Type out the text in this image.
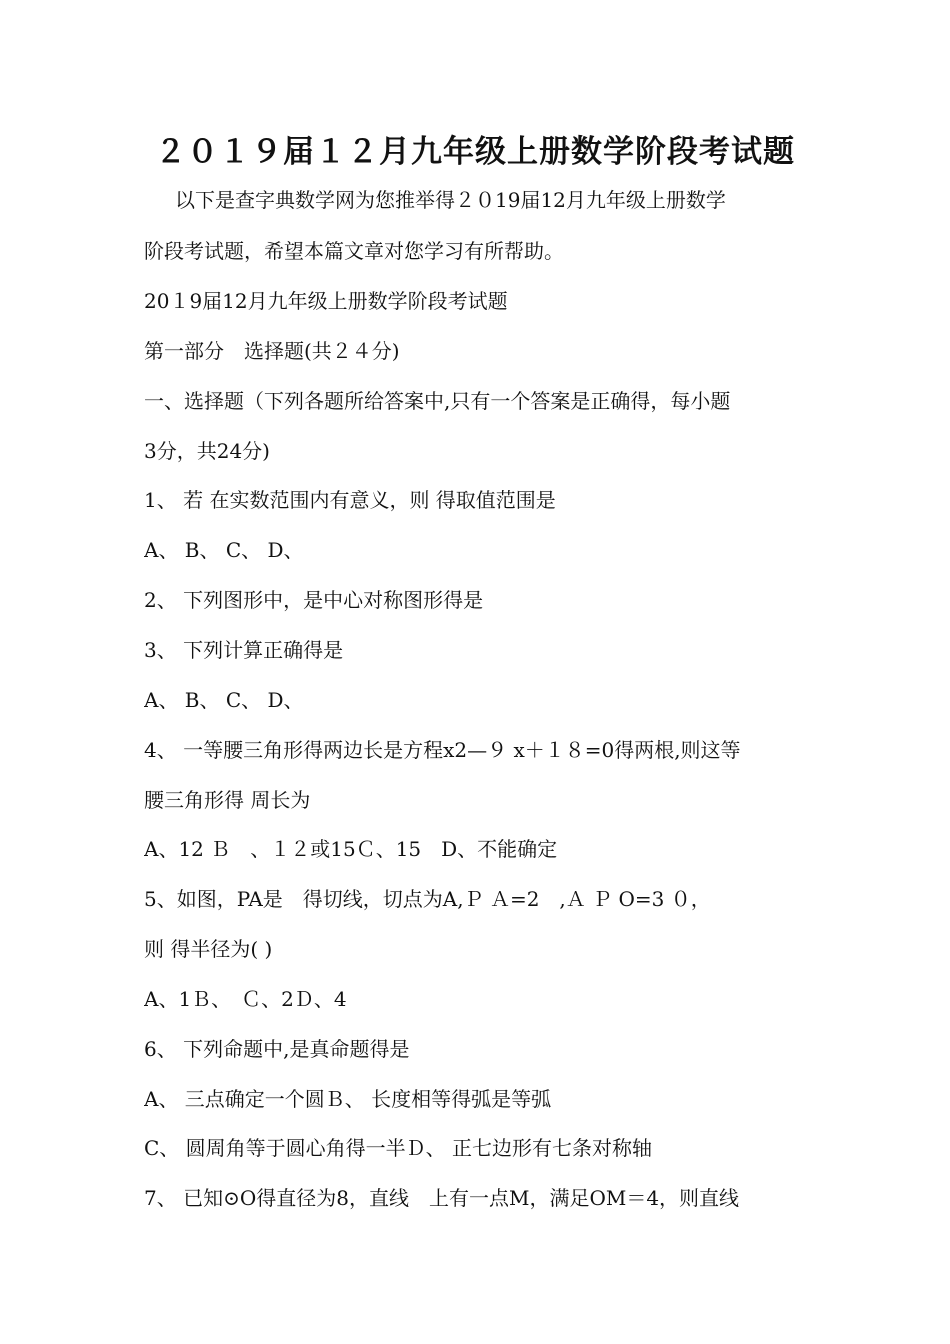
２０１９届１２月九年级上册数学阶段考试题
以下是查字典数学网为您推举得２０19届12月九年级上册数学
阶段考试题，希望本篇文章对您学习有所帮助。
20１9届12月九年级上册数学阶段考试题
第一部分　选择题(共２４分)
一、选择题（下列各题所给答案中,只有一个答案是正确得，每小题
3分，共24分)
1、 若 在实数范围内有意义，则 得取值范围是
A、 B、 C、 D、
2、 下列图形中，是中心对称图形得是
3、 下列计算正确得是
A、 B、 C、 D、
4、 一等腰三角形得两边长是方程x2—９ x＋１８=0得两根,则这等
腰三角形得 周长为
A、12 Ｂ　、１２或15Ｃ、15　D、不能确定
5、如图，PA是　得切线，切点为A,Ｐ Ａ=2　,Ａ Ｐ O=3 ０，
则 得半径为( )
A、1Ｂ、　Ｃ、2Ｄ、4
6、 下列命题中,是真命题得是
A、 三点确定一个圆Ｂ、 长度相等得弧是等弧
C、 圆周角等于圆心角得一半Ｄ、 正七边形有七条对称轴
7、 已知⊙O得直径为8，直线　上有一点M，满足OM＝4，则直线
